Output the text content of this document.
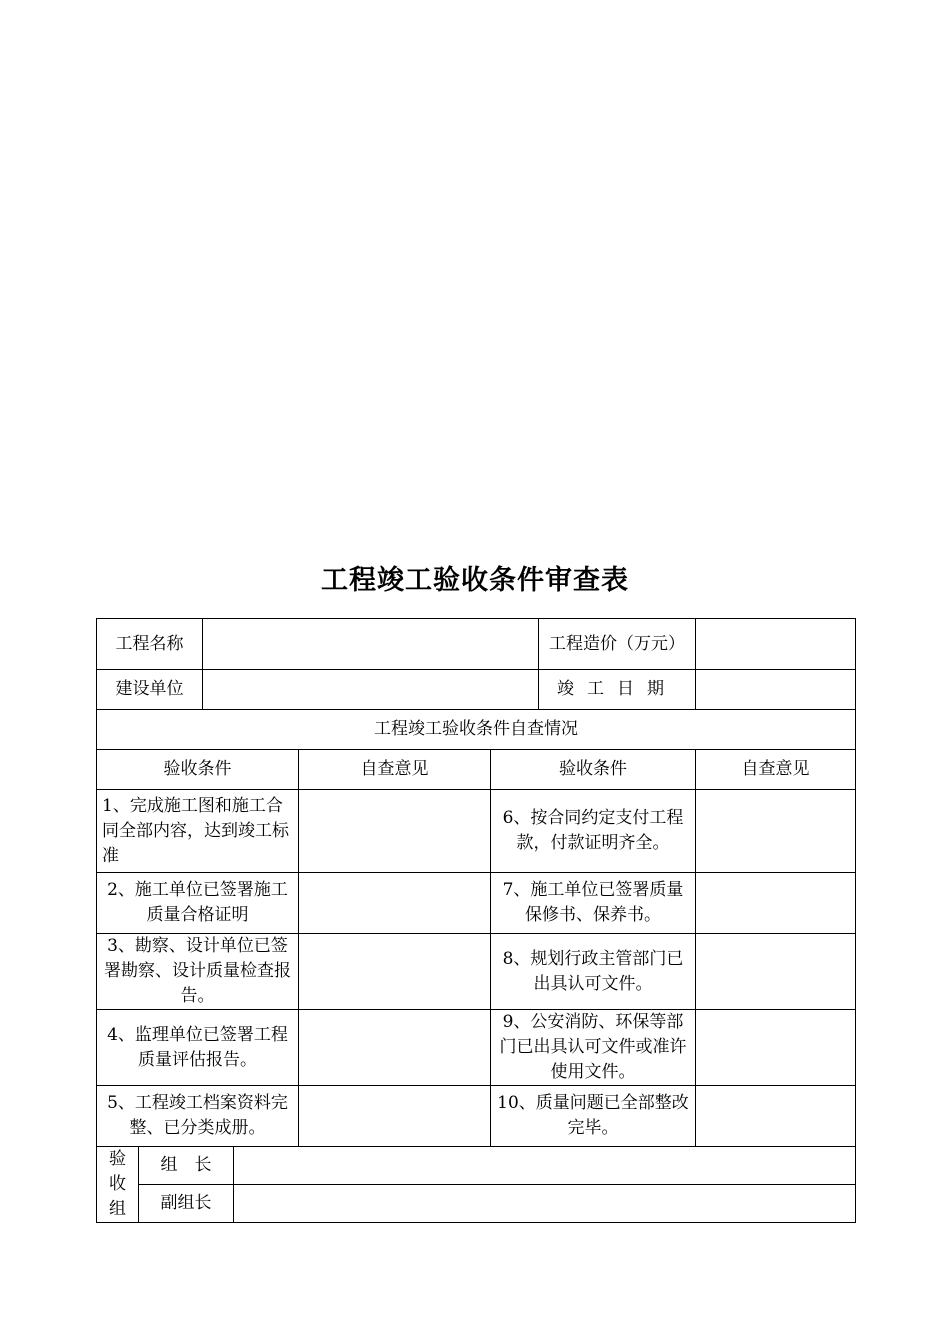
工程竣工验收条件审查表
工程名称		工程造价（万元）	
建设单位		竣工日期	
工程竣工验收条件自查情况			
验收条件	自查意见	验收条件	自查意见
1、完成施工图和施工合同全部内容，达到竣工标准		6、按合同约定支付工程款，付款证明齐全。	
2、施工单位已签署施工质量合格证明		7、施工单位已签署质量保修书、保养书。	
3、勘察、设计单位已签署勘察、设计质量检查报告。		8、规划行政主管部门已出具认可文件。	
4、监理单位已签署工程质量评估报告。		9、公安消防、环保等部门已出具认可文件或准许使用文件。	
5、工程竣工档案资料完整、已分类成册。		10、质量问题已全部整改完毕。	
验
收
组	组　长	
	副组长	
